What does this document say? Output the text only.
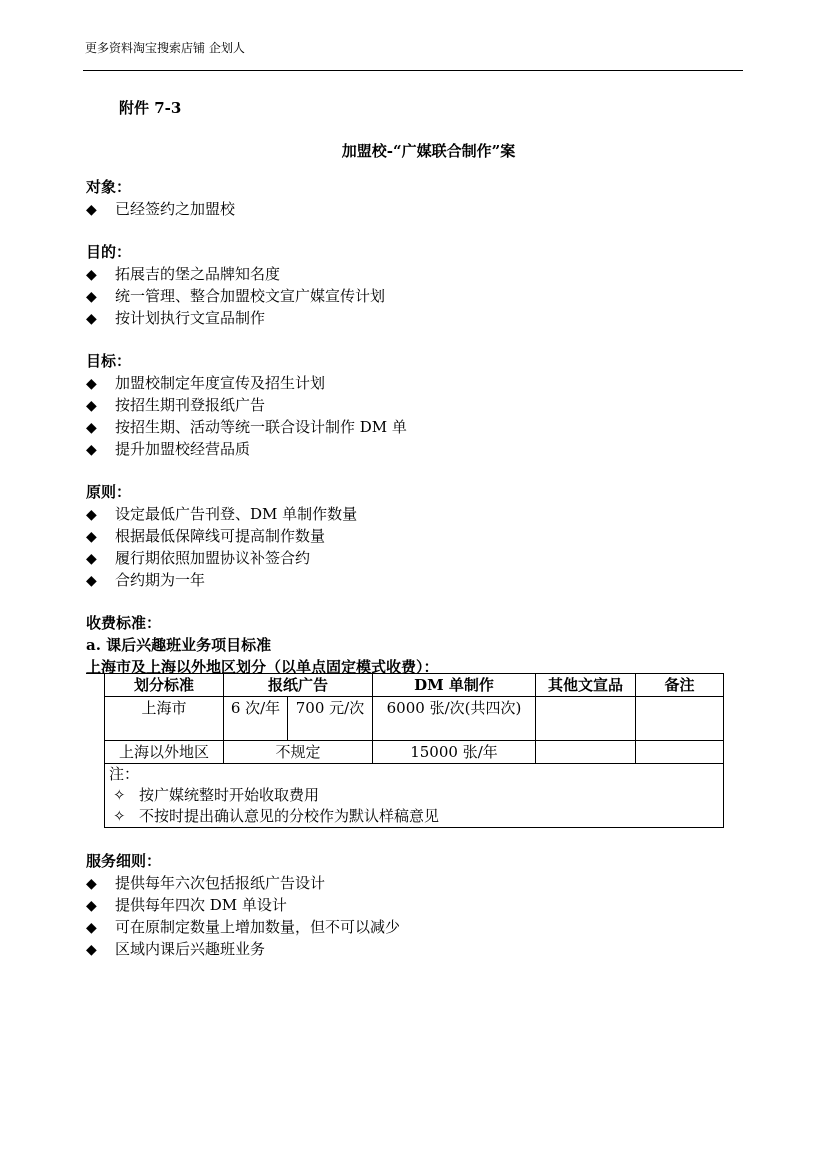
更多资料淘宝搜索店铺 企划人
附件 7-3
加盟校-“广媒联合制作”案
对象：
◆ 已经签约之加盟校
目的：
◆ 拓展吉的堡之品牌知名度
◆ 统一管理、整合加盟校文宣广媒宣传计划
◆ 按计划执行文宣品制作
目标：
◆ 加盟校制定年度宣传及招生计划
◆ 按招生期刊登报纸广告
◆ 按招生期、活动等统一联合设计制作 DM 单
◆ 提升加盟校经营品质
原则：
◆ 设定最低广告刊登、DM 单制作数量
◆ 根据最低保障线可提高制作数量
◆ 履行期依照加盟协议补签合约
◆ 合约期为一年
收费标准：
a. 课后兴趣班业务项目标准
上海市及上海以外地区划分（以单点固定模式收费）：
划分标准	报纸广告		DM 单制作	其他文宣品	备注
上海市	6 次/年	700 元/次	6000 张/次(共四次)		
上海以外地区	不规定		15000 张/年		

注：
✧ 按广媒统整时开始收取费用
✧ 不按时提出确认意见的分校作为默认样稿意见					
服务细则：
◆ 提供每年六次包括报纸广告设计
◆ 提供每年四次 DM 单设计
◆ 可在原制定数量上增加数量，但不可以减少
◆ 区域内课后兴趣班业务
